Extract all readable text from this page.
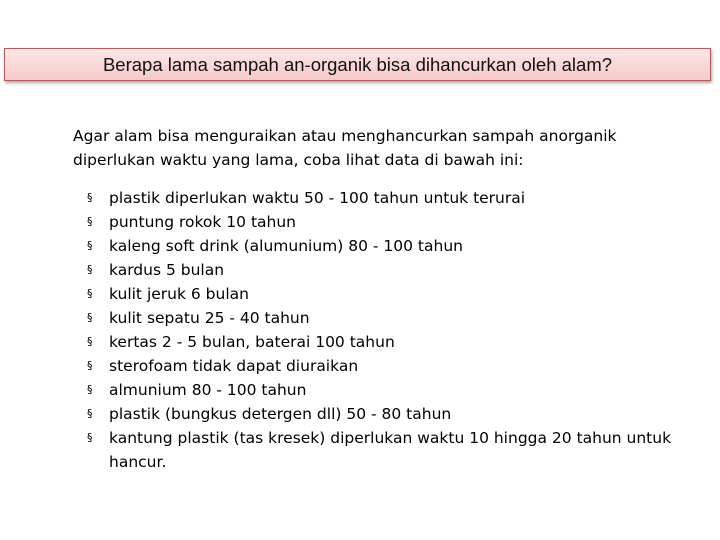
Berapa lama sampah an-organik bisa dihancurkan oleh alam?

Agar alam bisa menguraikan atau menghancurkan sampah anorganik diperlukan waktu yang lama, coba lihat data di bawah ini:

§ plastik diperlukan waktu 50 - 100 tahun untuk terurai
§ puntung rokok 10 tahun
§ kaleng soft drink (alumunium) 80 - 100 tahun
§ kardus 5 bulan
§ kulit jeruk 6 bulan
§ kulit sepatu 25 - 40 tahun
§ kertas 2 - 5 bulan, baterai 100 tahun
§ sterofoam tidak dapat diuraikan
§ almunium 80 - 100 tahun
§ plastik (bungkus detergen dll) 50 - 80 tahun
§ kantung plastik (tas kresek) diperlukan waktu 10 hingga 20 tahun untuk hancur.
